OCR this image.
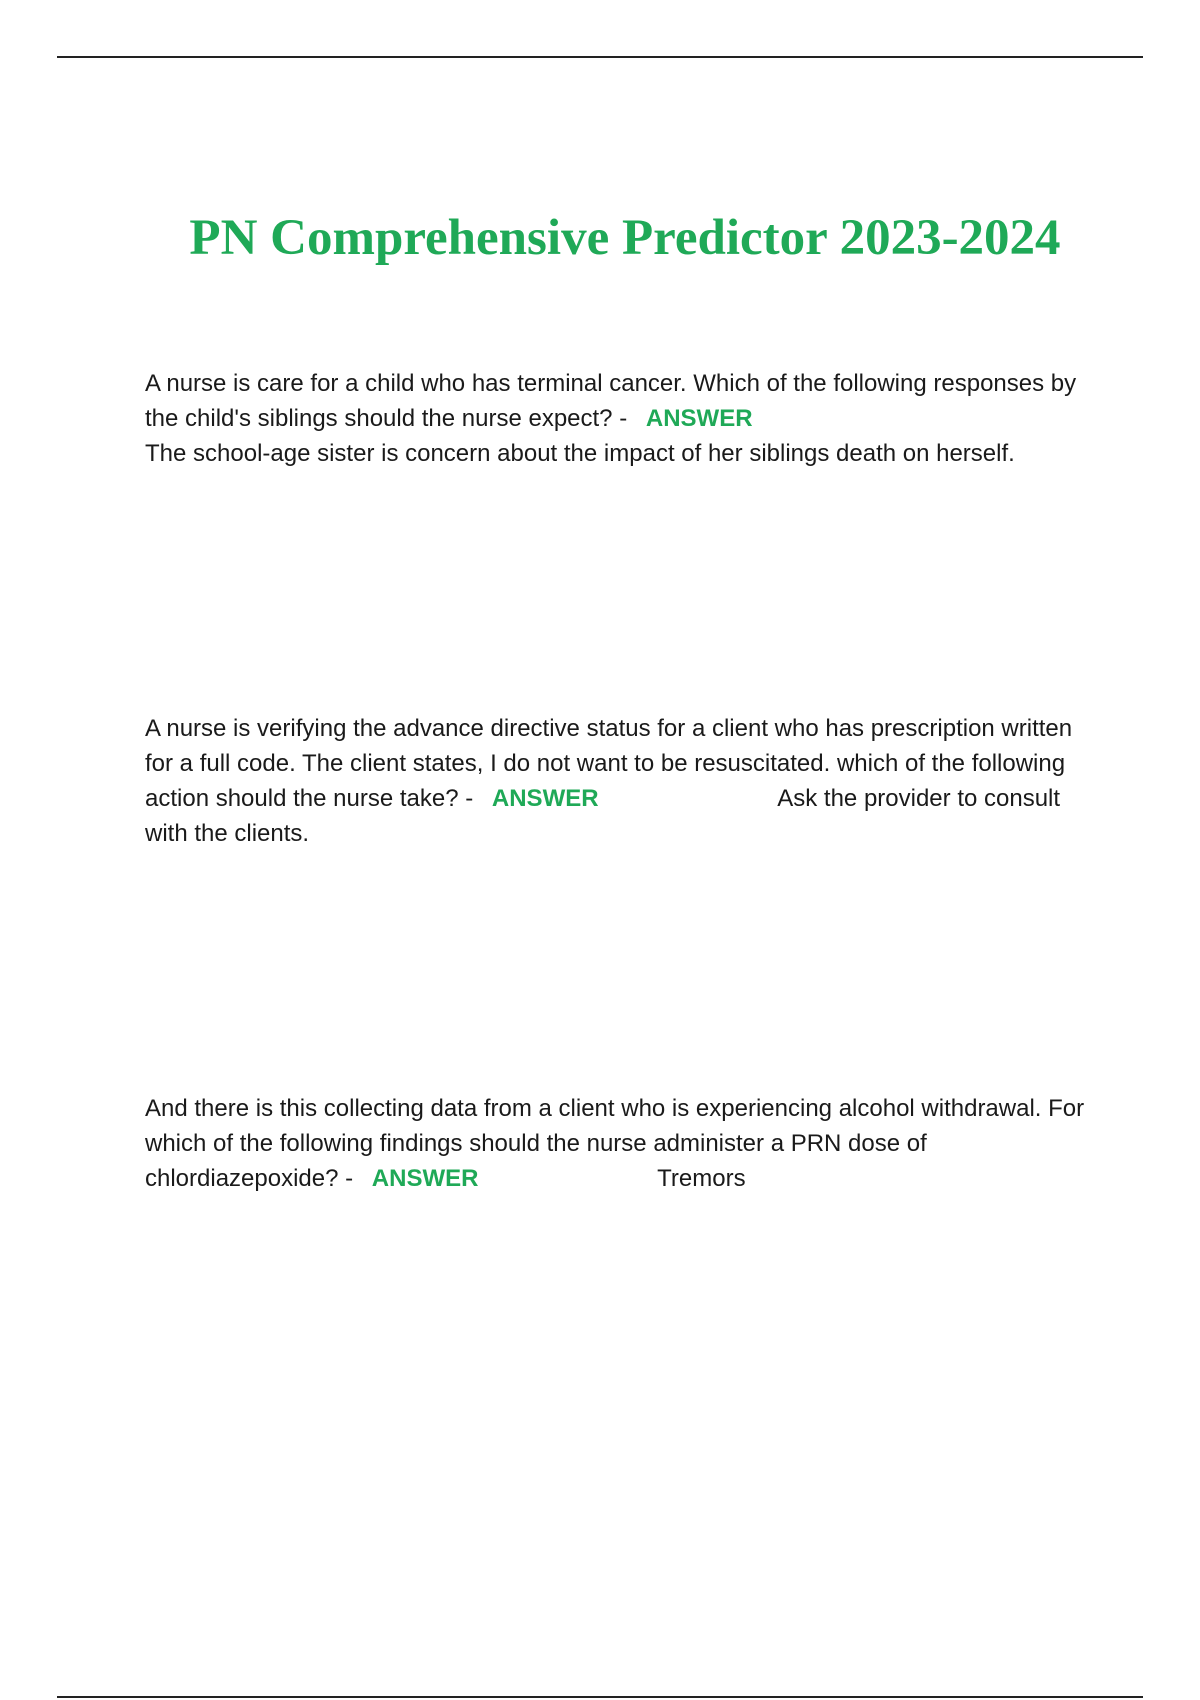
PN Comprehensive Predictor 2023-2024

A nurse is care for a child who has terminal cancer. Which of the following responses by the child's siblings should the nurse expect? - ANSWER
The school-age sister is concern about the impact of her siblings death on herself.

A nurse is verifying the advance directive status for a client who has prescription written for a full code. The client states, I do not want to be resuscitated. which of the following action should the nurse take? - ANSWER	Ask the provider to consult with the clients.

And there is this collecting data from a client who is experiencing alcohol withdrawal. For which of the following findings should the nurse administer a PRN dose of chlordiazepoxide? - ANSWER	Tremors
